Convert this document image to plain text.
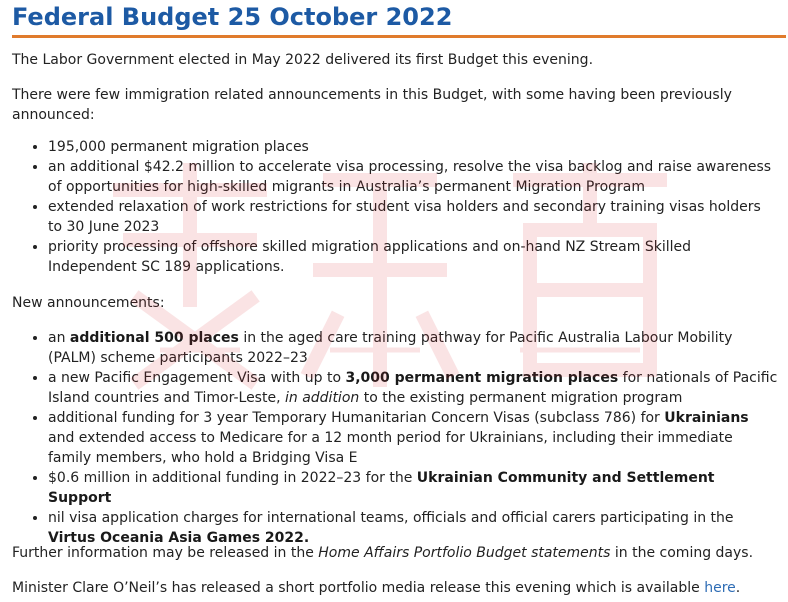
Federal Budget 25 October 2022

The Labor Government elected in May 2022 delivered its first Budget this evening.

There were few immigration related announcements in this Budget, with some having been previously announced:

• 195,000 permanent migration places
• an additional $42.2 million to accelerate visa processing, resolve the visa backlog and raise awareness of opportunities for high-skilled migrants in Australia’s permanent Migration Program
• extended relaxation of work restrictions for student visa holders and secondary training visas holders to 30 June 2023
• priority processing of offshore skilled migration applications and on-hand NZ Stream Skilled Independent SC 189 applications.

New announcements:

• an additional 500 places in the aged care training pathway for Pacific Australia Labour Mobility (PALM) scheme participants 2022–23
• a new Pacific Engagement Visa with up to 3,000 permanent migration places for nationals of Pacific Island countries and Timor-Leste, in addition to the existing permanent migration program
• additional funding for 3 year Temporary Humanitarian Concern Visas (subclass 786) for Ukrainians and extended access to Medicare for a 12 month period for Ukrainians, including their immediate family members, who hold a Bridging Visa E
• $0.6 million in additional funding in 2022–23 for the Ukrainian Community and Settlement Support
• nil visa application charges for international teams, officials and official carers participating in the Virtus Oceania Asia Games 2022.

Further information may be released in the Home Affairs Portfolio Budget statements in the coming days.

Minister Clare O’Neil’s has released a short portfolio media release this evening which is available here.
